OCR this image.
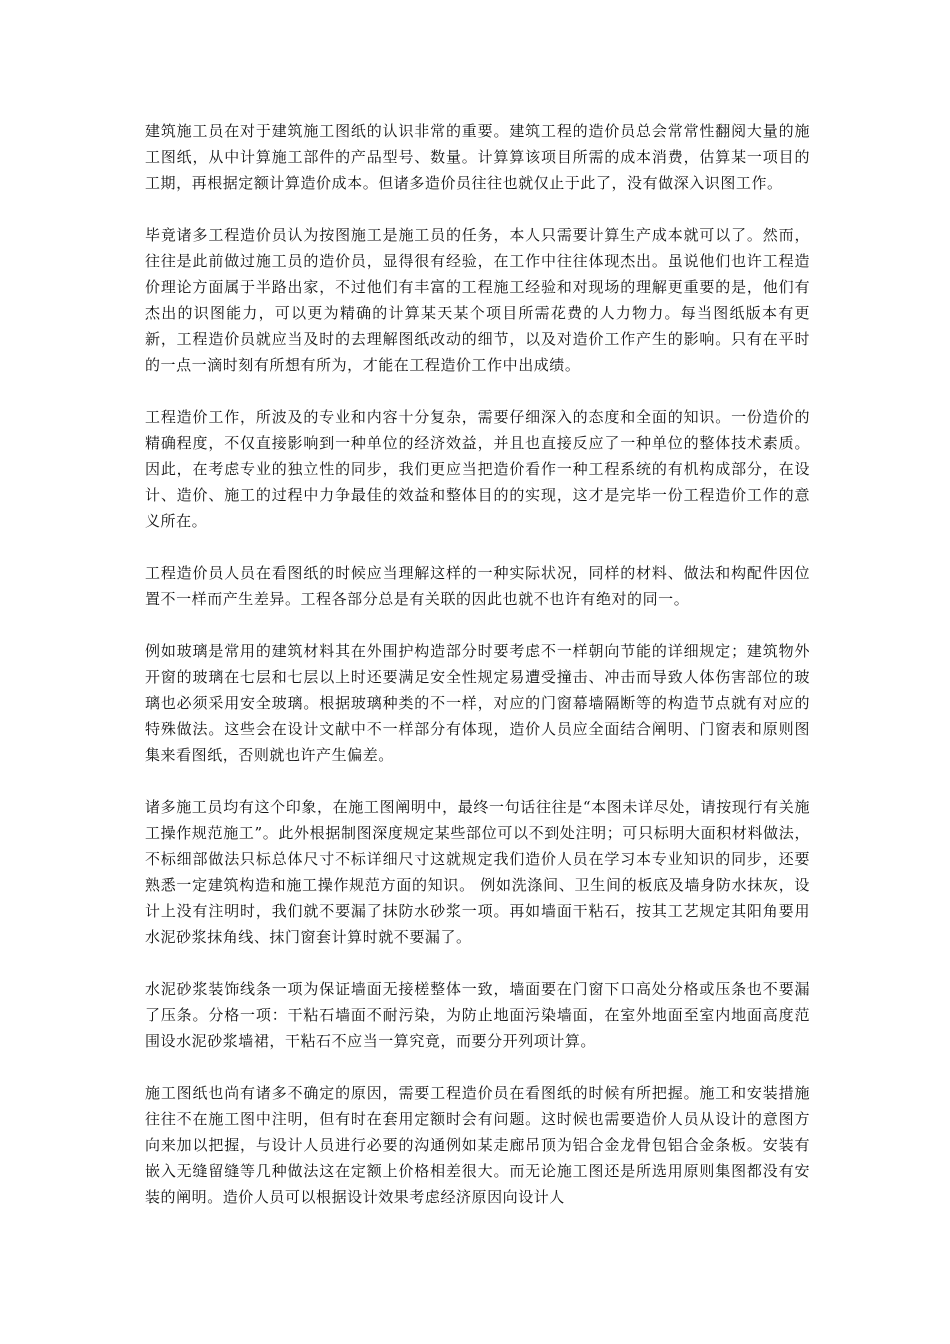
建筑施工员在对于建筑施工图纸的认识非常的重要。建筑工程的造价员总会常常性翻阅大量的施工图纸，从中计算施工部件的产品型号、数量。计算算该项目所需的成本消费，估算某一项目的工期，再根据定额计算造价成本。但诸多造价员往往也就仅止于此了，没有做深入识图工作。

毕竟诸多工程造价员认为按图施工是施工员的任务，本人只需要计算生产成本就可以了。然而，往往是此前做过施工员的造价员，显得很有经验，在工作中往往体现杰出。虽说他们也许工程造价理论方面属于半路出家，不过他们有丰富的工程施工经验和对现场的理解更重要的是，他们有杰出的识图能力，可以更为精确的计算某天某个项目所需花费的人力物力。每当图纸版本有更新，工程造价员就应当及时的去理解图纸改动的细节，以及对造价工作产生的影响。只有在平时的一点一滴时刻有所想有所为，才能在工程造价工作中出成绩。

工程造价工作，所波及的专业和内容十分复杂，需要仔细深入的态度和全面的知识。一份造价的精确程度，不仅直接影响到一种单位的经济效益，并且也直接反应了一种单位的整体技术素质。因此，在考虑专业的独立性的同步，我们更应当把造价看作一种工程系统的有机构成部分，在设计、造价、施工的过程中力争最佳的效益和整体目的的实现，这才是完毕一份工程造价工作的意义所在。

工程造价员人员在看图纸的时候应当理解这样的一种实际状况，同样的材料、做法和构配件因位置不一样而产生差异。工程各部分总是有关联的因此也就不也许有绝对的同一。

例如玻璃是常用的建筑材料其在外围护构造部分时要考虑不一样朝向节能的详细规定；建筑物外开窗的玻璃在七层和七层以上时还要满足安全性规定易遭受撞击、冲击而导致人体伤害部位的玻璃也必须采用安全玻璃。根据玻璃种类的不一样，对应的门窗幕墙隔断等的构造节点就有对应的特殊做法。这些会在设计文献中不一样部分有体现，造价人员应全面结合阐明、门窗表和原则图集来看图纸，否则就也许产生偏差。

诸多施工员均有这个印象，在施工图阐明中，最终一句话往往是“本图未详尽处，请按现行有关施工操作规范施工”。此外根据制图深度规定某些部位可以不到处注明；可只标明大面积材料做法，不标细部做法只标总体尺寸不标详细尺寸这就规定我们造价人员在学习本专业知识的同步，还要熟悉一定建筑构造和施工操作规范方面的知识。 例如洗涤间、卫生间的板底及墙身防水抹灰，设计上没有注明时，我们就不要漏了抹防水砂浆一项。再如墙面干粘石，按其工艺规定其阳角要用水泥砂浆抹角线、抹门窗套计算时就不要漏了。

水泥砂浆装饰线条一项为保证墙面无接槎整体一致，墙面要在门窗下口高处分格或压条也不要漏了压条。分格一项：干粘石墙面不耐污染，为防止地面污染墙面，在室外地面至室内地面高度范围设水泥砂浆墙裙，干粘石不应当一算究竟，而要分开列项计算。

施工图纸也尚有诸多不确定的原因，需要工程造价员在看图纸的时候有所把握。施工和安装措施往往不在施工图中注明，但有时在套用定额时会有问题。这时候也需要造价人员从设计的意图方向来加以把握，与设计人员进行必要的沟通例如某走廊吊顶为铝合金龙骨包铝合金条板。安装有嵌入无缝留缝等几种做法这在定额上价格相差很大。而无论施工图还是所选用原则集图都没有安装的阐明。造价人员可以根据设计效果考虑经济原因向设计人
